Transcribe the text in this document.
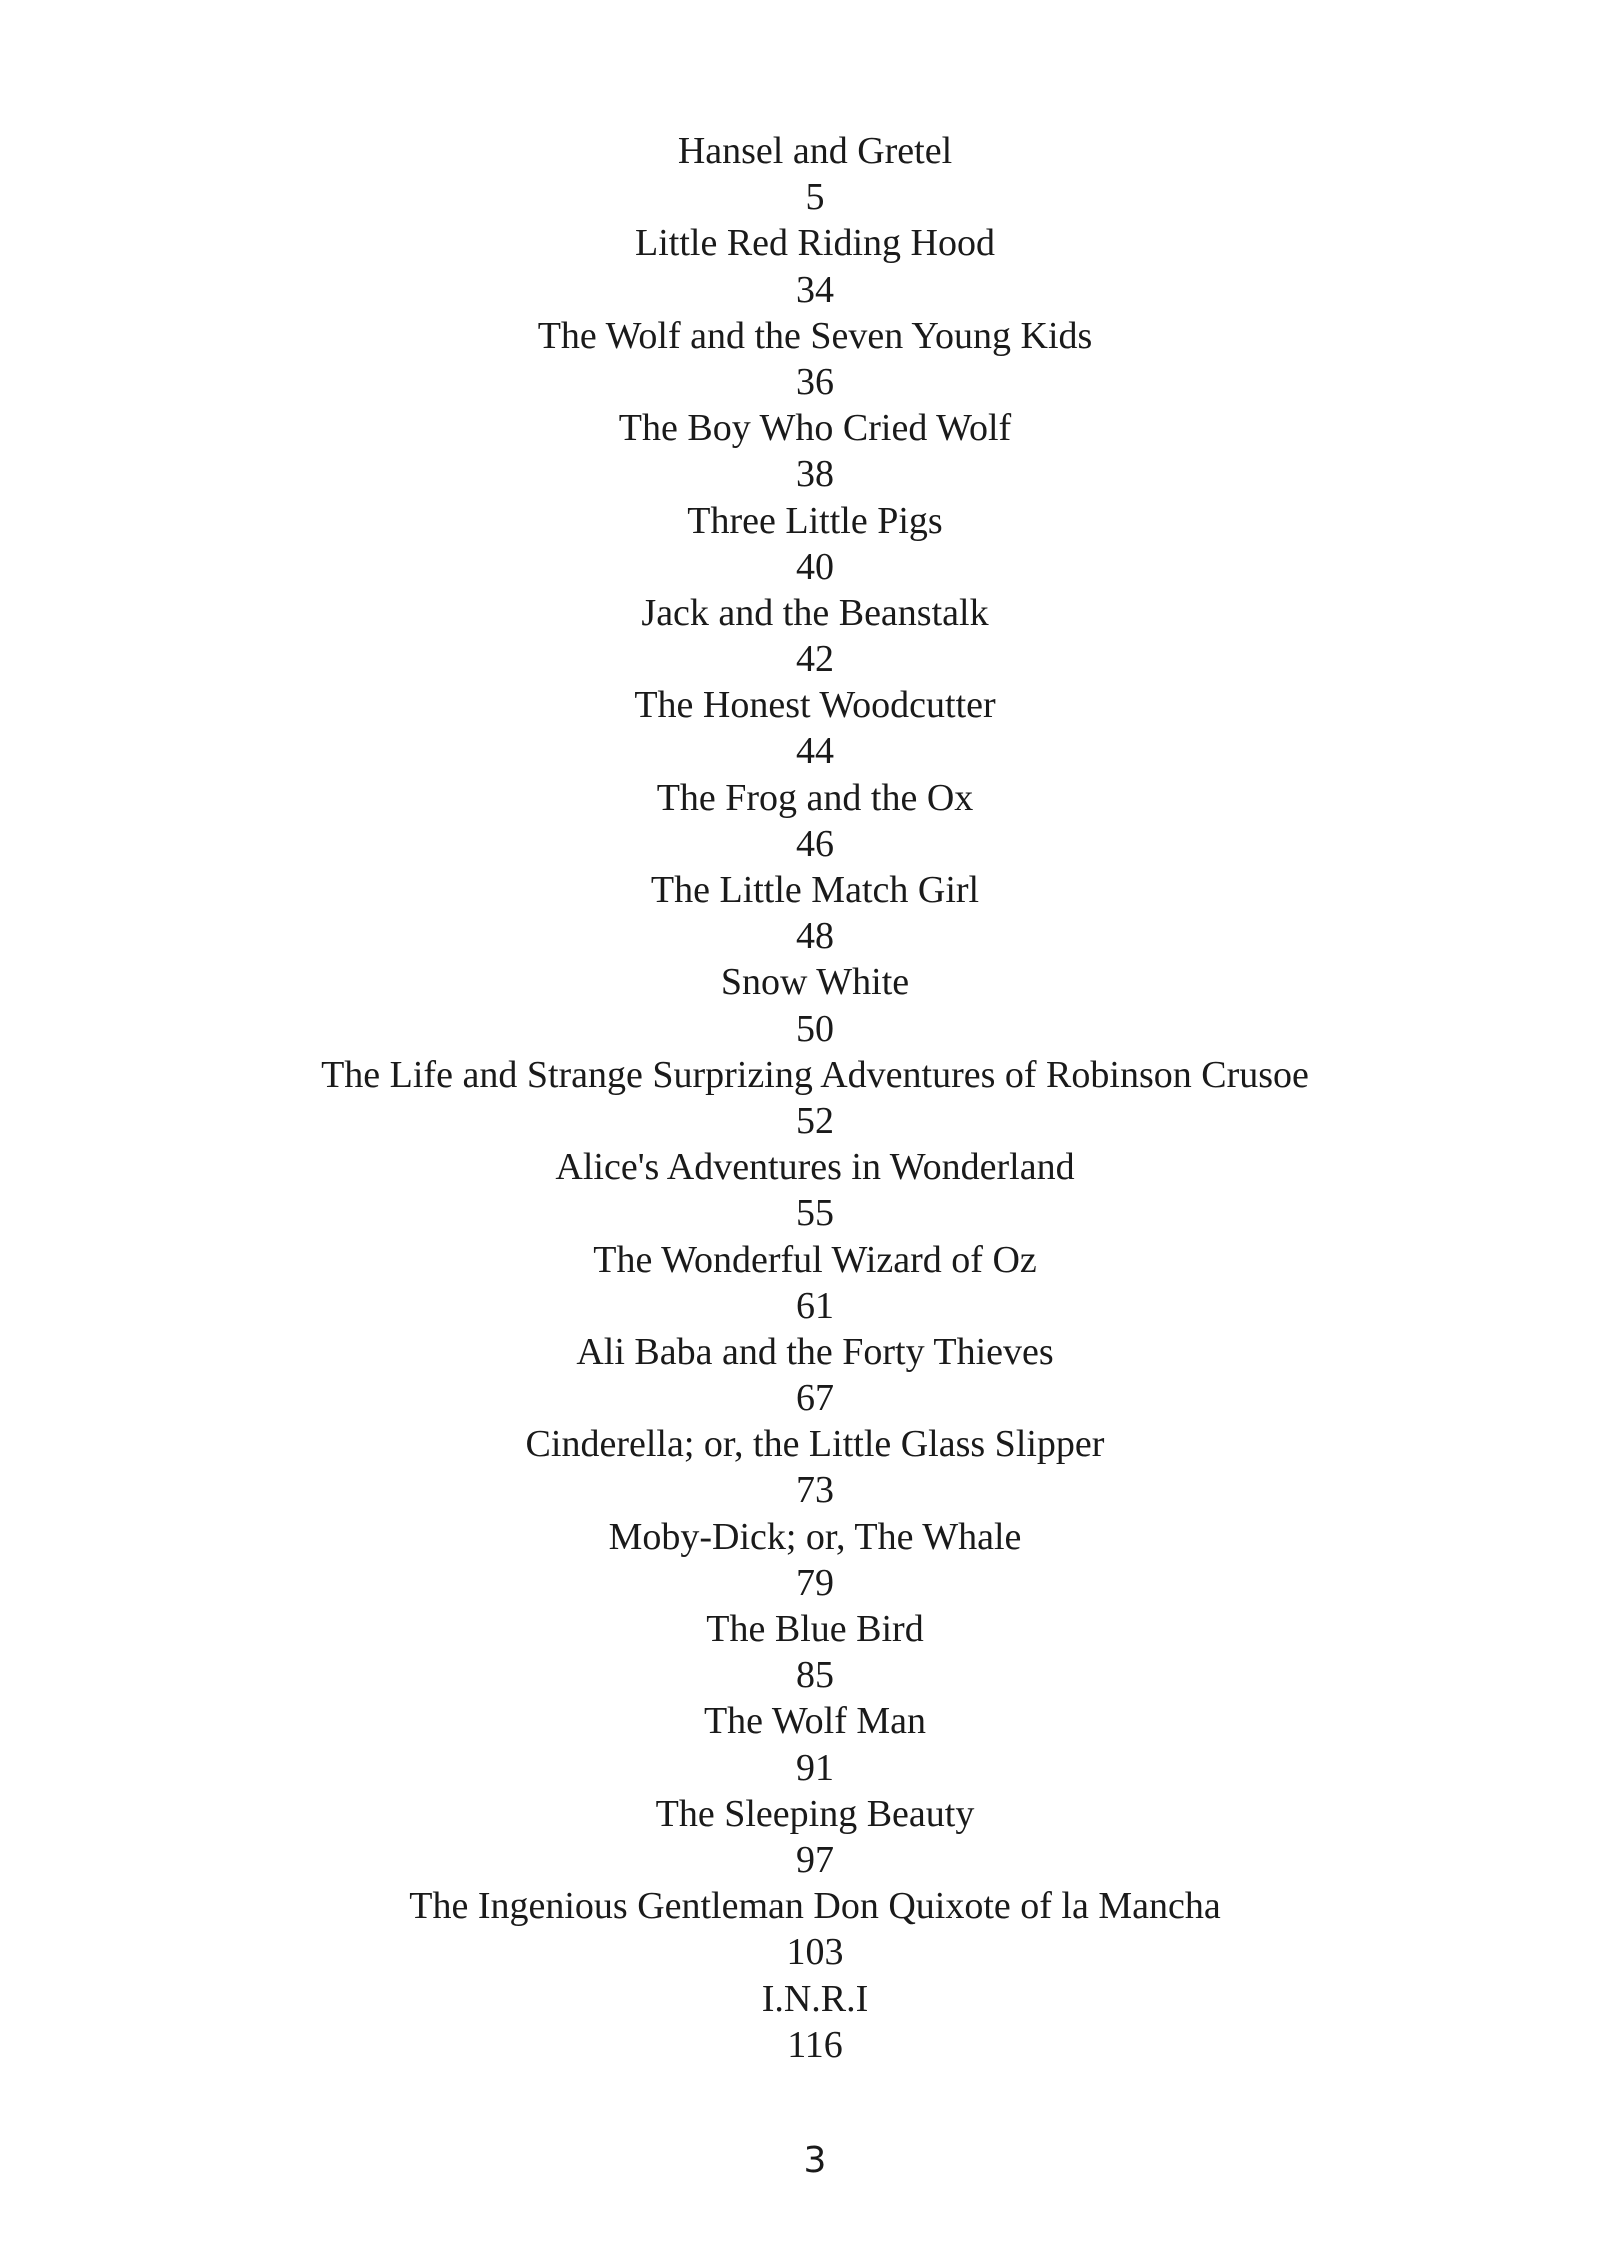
Hansel and Gretel
5
Little Red Riding Hood
34
The Wolf and the Seven Young Kids
36
The Boy Who Cried Wolf
38
Three Little Pigs
40
Jack and the Beanstalk
42
The Honest Woodcutter
44
The Frog and the Ox
46
The Little Match Girl
48
Snow White
50
The Life and Strange Surprizing Adventures of Robinson Crusoe
52
Alice's Adventures in Wonderland
55
The Wonderful Wizard of Oz
61
Ali Baba and the Forty Thieves
67
Cinderella; or, the Little Glass Slipper
73
Moby-Dick; or, The Whale
79
The Blue Bird
85
The Wolf Man
91
The Sleeping Beauty
97
The Ingenious Gentleman Don Quixote of la Mancha
103
I.N.R.I
116
3
